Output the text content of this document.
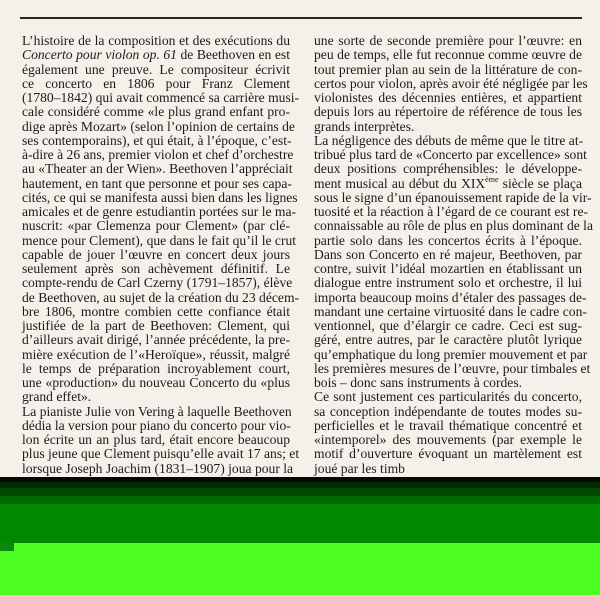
L’histoire de la composition et des exécutions du
Concerto pour violon op. 61 de Beethoven en est
également une preuve. Le compositeur écrivit
ce concerto en 1806 pour Franz Clement
(1780–1842) qui avait commencé sa carrière musi-
cale considéré comme «le plus grand enfant pro-
dige après Mozart» (selon l’opinion de certains de
ses contemporains), et qui était, à l’époque, c’est-
à-dire à 26 ans, premier violon et chef d’orchestre
au «Theater an der Wien». Beethoven l’appréciait
hautement, en tant que personne et pour ses capa-
cités, ce qui se manifesta aussi bien dans les lignes
amicales et de genre estudiantin portées sur le ma-
nuscrit: «par Clemenza pour Clement» (par clé-
mence pour Clement), que dans le fait qu’il le crut
capable de jouer l’œuvre en concert deux jours
seulement après son achèvement définitif. Le
compte-rendu de Carl Czerny (1791–1857), élève
de Beethoven, au sujet de la création du 23 décem-
bre 1806, montre combien cette confiance était
justifiée de la part de Beethoven: Clement, qui
d’ailleurs avait dirigé, l’année précédente, la pre-
mière exécution de l’«Heroïque», réussit, malgré
le temps de préparation incroyablement court,
une «production» du nouveau Concerto du «plus
grand effet».
La pianiste Julie von Vering à laquelle Beethoven
dédia la version pour piano du concerto pour vio-
lon écrite un an plus tard, était encore beaucoup
plus jeune que Clement puisqu’elle avait 17 ans; et
lorsque Joseph Joachim (1831–1907) joua pour la
une sorte de seconde première pour l’œuvre: en
peu de temps, elle fut reconnue comme œuvre de
tout premier plan au sein de la littérature de con-
certos pour violon, après avoir été négligée par les
violonistes des décennies entières, et appartient
depuis lors au répertoire de référence de tous les
grands interprètes.
La négligence des débuts de même que le titre at-
tribué plus tard de «Concerto par excellence» sont
deux positions compréhensibles: le développe-
ment musical au début du XIXème siècle se plaça
sous le signe d’un épanouissement rapide de la vir-
tuosité et la réaction à l’égard de ce courant est re-
connaissable au rôle de plus en plus dominant de la
partie solo dans les concertos écrits à l’époque.
Dans son Concerto en ré majeur, Beethoven, par
contre, suivit l’idéal mozartien en établissant un
dialogue entre instrument solo et orchestre, il lui
importa beaucoup moins d’étaler des passages de-
mandant une certaine virtuosité dans le cadre con-
ventionnel, que d’élargir ce cadre. Ceci est sug-
géré, entre autres, par le caractère plutôt lyrique
qu’emphatique du long premier mouvement et par
les premières mesures de l’œuvre, pour timbales et
bois – donc sans instruments à cordes.
Ce sont justement ces particularités du concerto,
sa conception indépendante de toutes modes su-
perficielles et le travail thématique concentré et
«intemporel» des mouvements (par exemple le
motif d’ouverture évoquant un martèlement est
joué par les timb
